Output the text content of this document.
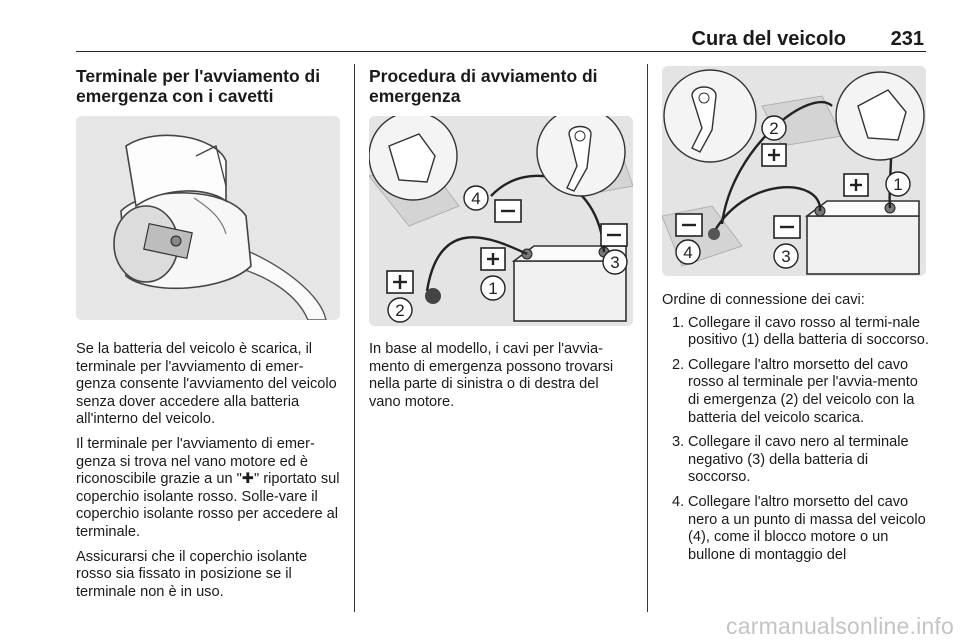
Cura del veicolo 231
Terminale per l'avviamento di emergenza con i cavetti

Se la batteria del veicolo è scarica, il terminale per l'avviamento di emer-genza consente l'avviamento del veicolo senza dover accedere alla batteria all'interno del veicolo.

Il terminale per l'avviamento di emer-genza si trova nel vano motore ed è riconoscibile grazie a un "✚" riportato sul coperchio isolante rosso. Solle-vare il coperchio isolante rosso per accedere al terminale.

Assicurarsi che il coperchio isolante rosso sia fissato in posizione se il terminale non è in uso.

Procedura di avviamento di emergenza
4
1
3
2

In base al modello, i cavi per l'avvia-mento di emergenza possono trovarsi nella parte di sinistra o di destra del vano motore.

2
1
4	3

Ordine di connessione dei cavi:

1. Collegare il cavo rosso al termi-nale positivo (1) della batteria di soccorso.
2. Collegare l'altro morsetto del cavo rosso al terminale per l'avvia-mento di emergenza (2) del veicolo con la batteria del veicolo scarica.
3. Collegare il cavo nero al terminale negativo (3) della batteria di soccorso.
4. Collegare l'altro morsetto del cavo nero a un punto di massa del veicolo (4), come il blocco motore o un bullone di montaggio del
carmanualsonline.info
